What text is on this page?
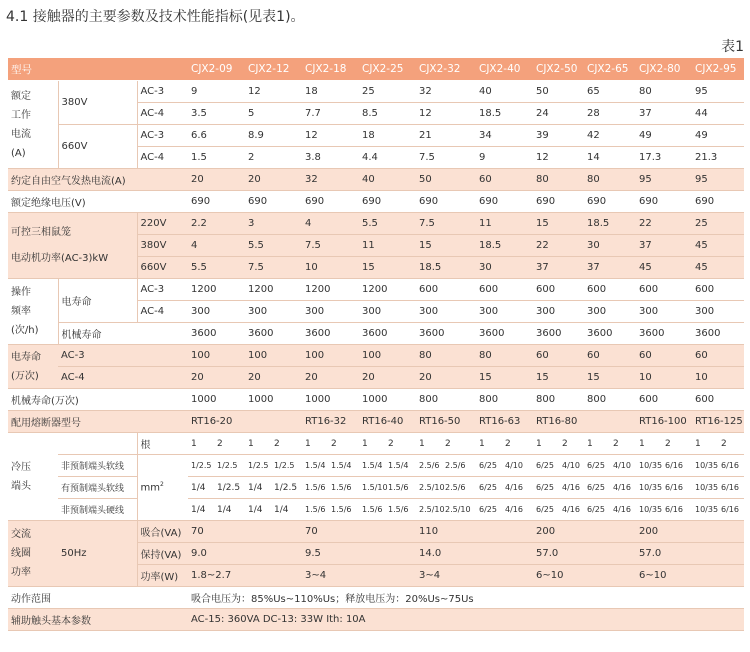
4.1 接触器的主要参数及技术性能指标(见表1)。
表1
型号			CJX2-09	CJX2-12	CJX2-18	CJX2-25	CJX2-32	CJX2-40	CJX2-50	CJX2-65	CJX2-80	CJX2-95
额定
工作
电流
(A)	380V	AC-3	9	12	18	25	32	40	50	65	80	95
		AC-4	3.5	5	7.7	8.5	12	18.5	24	28	37	44
	660V	AC-3	6.6	8.9	12	18	21	34	39	42	49	49
		AC-4	1.5	2	3.8	4.4	7.5	9	12	14	17.3	21.3
约定自由空气发热电流(A)			20	20	32	40	50	60	80	80	95	95
额定绝缘电压(V)			690	690	690	690	690	690	690	690	690	690
可控三相鼠笼
电动机功率(AC-3)kW		220V	2.2	3	4	5.5	7.5	11	15	18.5	22	25
		380V	4	5.5	7.5	11	15	18.5	22	30	37	45
		660V	5.5	7.5	10	15	18.5	30	37	37	45	45
操作
频率
(次/h)	电寿命	AC-3	1200	1200	1200	1200	600	600	600	600	600	600
		AC-4	300	300	300	300	300	300	300	300	300	300
	机械寿命		3600	3600	3600	3600	3600	3600	3600	3600	3600	3600
电寿命
(万次)	AC-3		100	100	100	100	80	80	60	60	60	60
	AC-4		20	20	20	20	20	15	15	15	10	10
机械寿命(万次)			1000	1000	1000	1000	800	800	800	800	600	600
配用熔断器型号			RT16-20		RT16-32	RT16-40	RT16-50	RT16-63	RT16-80		RT16-100	RT16-125
冷压
端头		根	1 2	1 2	1 2	1 2	1 2	1 2	1 2	1 2	1 2	1 2
	非预制端头软线	$mm^2$	1/2.5 1/2.5	1/2.5 1/2.5	1.5/4 1.5/4	1.5/4 1.5/4	2.5/6 2.5/6	6/25 4/10	6/25 4/10	6/25 4/10	10/35 6/16	10/35 6/16
	有预制端头软线		1/4 1/2.5	1/4 1/2.5	1.5/6 1.5/6	1.5/101.5/6	2.5/102.5/6	6/25 4/16	6/25 4/16	6/25 4/16	10/35 6/16	10/35 6/16
	非预制端头硬线		1/4 1/4	1/4 1/4	1.5/6 1.5/6	1.5/6 1.5/6	2.5/102.5/10	6/25 4/16	6/25 4/16	6/25 4/16	10/35 6/16	10/35 6/16
交流
线圈
功率	50Hz	吸合(VA)	70		70		110		200		200	
		保持(VA)	9.0		9.5		14.0		57.0		57.0	
		功率(W)	1.8~2.7		3~4		3~4		6~10		6~10	
动作范围			吸合电压为：85%Us~110%Us；释放电压为：20%Us~75Us									
辅助触头基本参数			AC-15: 360VA DC-13: 33W Ith: 10A									
